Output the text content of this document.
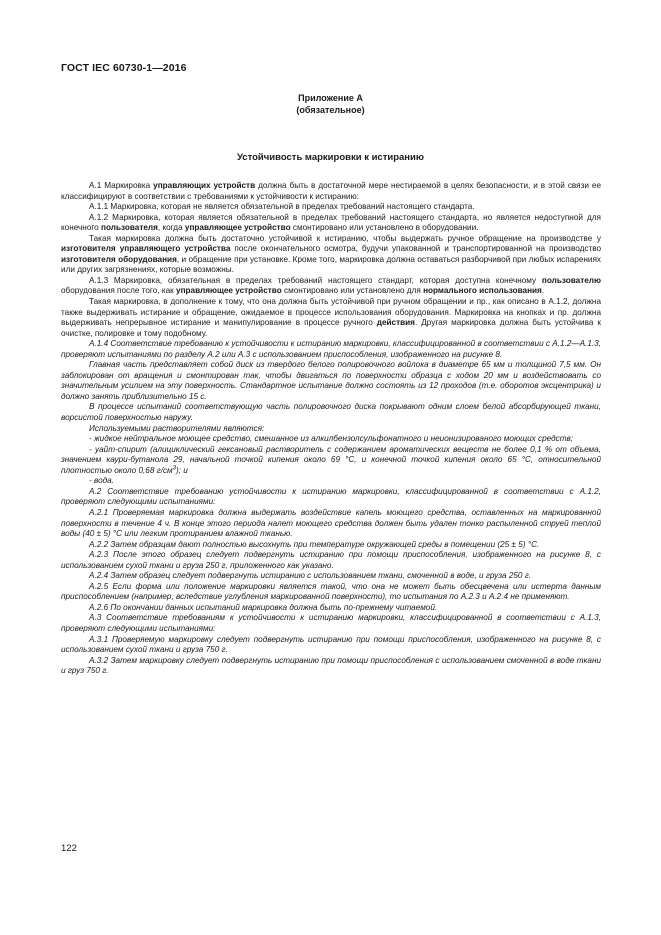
ГОСТ IEC 60730-1—2016
Приложение А
(обязательное)
Устойчивость маркировки к истиранию

А.1 Маркировка управляющих устройств должна быть в достаточной мере нестираемой в целях безопасности, и в этой связи ее классифицируют в соответствии с требованиями к устойчивости к истиранию:

А.1.1 Маркировка, которая не является обязательной в пределах требований настоящего стандарта.

А.1.2 Маркировка, которая является обязательной в пределах требований настоящего стандарта, но является недоступной для конечного пользователя, когда управляющее устройство смонтировано или установлено в оборудовании.

Такая маркировка должна быть достаточно устойчивой к истиранию, чтобы выдержать ручное обращение на производстве у изготовителя управляющего устройства после окончательного осмотра, будучи упакованной и транспортированной на производство изготовителя оборудования, и обращение при установке. Кроме того, маркировка должна оставаться разборчивой при любых испарениях или других загрязнениях, которые возможны.

А.1.3 Маркировка, обязательная в пределах требований настоящего стандарт, которая доступна конечному пользователю оборудования после того, как управляющее устройство смонтировано или установлено для нормального использования.

Такая маркировка, в дополнение к тому, что она должна быть устойчивой при ручном обращении и пр., как описано в А.1.2, должна также выдерживать истирание и обращение, ожидаемое в процессе использования оборудования. Маркировка на кнопках и пр. должна выдерживать непрерывное истирание и манипулирование в процессе ручного действия. Другая маркировка должна быть устойчива к очистке, полировке и тому подобному.

А.1.4 Соответствие требованию к устойчивости к истиранию маркировки, классифицированной в соответствии с А.1.2—А.1.3, проверяют испытаниями по разделу А.2 или А.3 с использованием приспособления, изображенного на рисунке 8.

Главная часть представляет собой диск из твердого белого полировочного войлока в диаметре 65 мм и толщиной 7,5 мм. Он заблокирован от вращения и смонтирован так, чтобы двигаться по поверхности образца с ходом 20 мм и воздействовать со значительным усилием на эту поверхность. Стандартное испытание должно состоять из 12 проходов (т.е. оборотов эксцентрика) и должно занять приблизительно 15 с.

В процессе испытаний соответствующую часть полировочного диска покрывают одним слоем белой абсорбирующей ткани, ворсистой поверхностью наружу.

Используемыми растворителями являются:

- жидкое нейтральное моющее средство, смешанное из алкилбензолсульфонатного и неионизированого моющих средств;

- уайт-спирит (алициклический гексановый растворитель с содержанием ароматических веществ не более 0,1 % от объема, значением каури-бутанола 29, начальной точкой кипения около 69 °С, и конечной точкой кипения около 65 °С, относительной плотностью около 0,68 $г/см^3$); и

- вода.

А.2 Соответствие требованию устойчивости к истиранию маркировки, классифицированной в соответствии с А.1.2, проверяют следующими испытаниями:

А.2.1 Проверяемая маркировка должна выдержать воздействие капель моющего средства, оставленных на маркированной поверхности в течение 4 ч. В конце этого периода налет моющего средства должен быть удален тонко распыленной струей теплой воды (40 ± 5) °С или легким протиранием влажной тканью.

А.2.2 Затем образцам дают полностью высохнуть при температуре окружающей среды в помещении (25 ± 5) °С.

А.2.3 После этого образец следует подвергнуть истиранию при помощи приспособления, изображенного на рисунке 8, с использованием сухой ткани и груза 250 г, приложенного как указано.

А.2.4 Затем образец следует подвергнуть истиранию с использованием ткани, смоченной в воде, и груза 250 г.

А.2.5 Если форма или положение маркировки является такой, что она не может быть обесцвечена или истерта данным приспособлением (например, вследствие углубления маркированной поверхности), то испытания по А.2.3 и А.2.4 не применяют.

А.2.6 По окончании данных испытаний маркировка должна быть по-прежнему читаемой.

А.3 Соответствие требованиям к устойчивости к истиранию маркировки, классифицированной в соответствии с А.1.3, проверяют следующими испытаниями:

А.3.1 Проверяемую маркировку следует подвергнуть истиранию при помощи приспособления, изображенного на рисунке 8, с использованием сухой ткани и груза 750 г.

А.3.2 Затем маркировку следует подвергнуть истиранию при помощи приспособления с использованием смоченной в воде ткани и груз 750 г.

122
